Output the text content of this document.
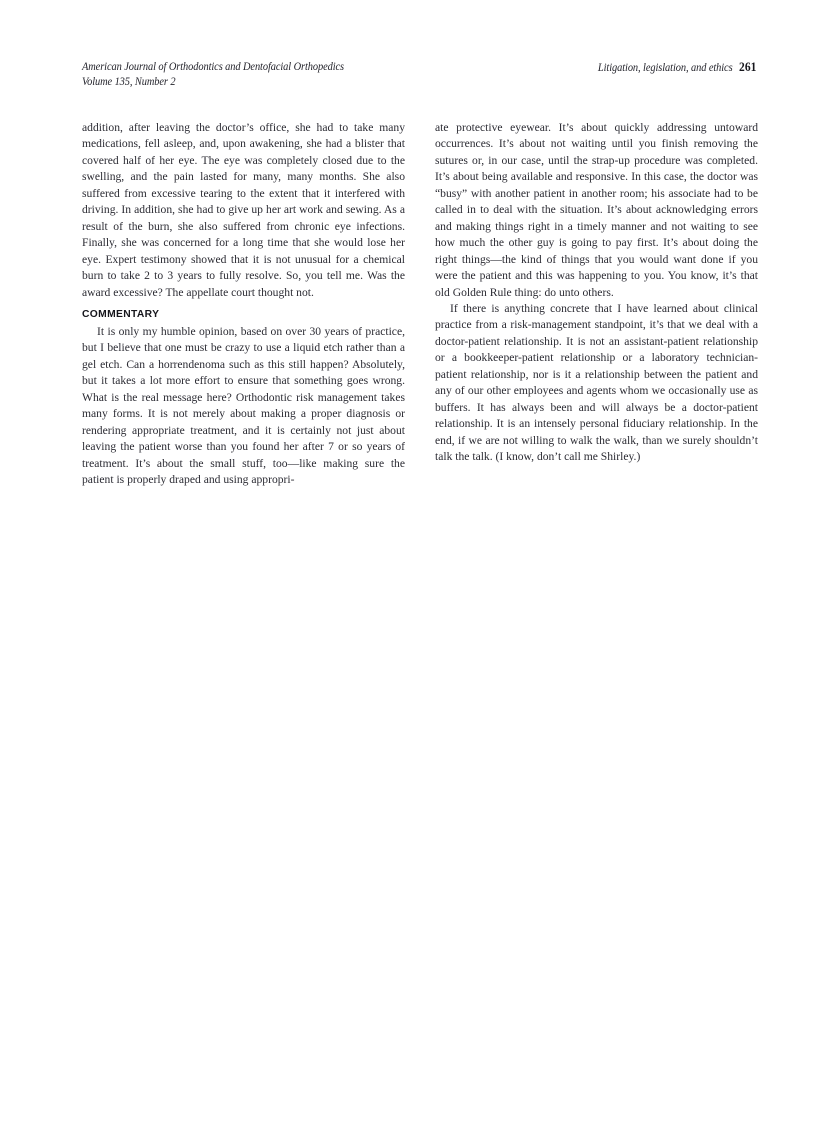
American Journal of Orthodontics and Dentofacial Orthopedics
Volume 135, Number 2
Litigation, legislation, and ethics 261

addition, after leaving the doctor’s office, she had to take many medications, fell asleep, and, upon awakening, she had a blister that covered half of her eye. The eye was completely closed due to the swelling, and the pain lasted for many, many months. She also suffered from excessive tearing to the extent that it interfered with driving. In addition, she had to give up her art work and sewing. As a result of the burn, she also suffered from chronic eye infections. Finally, she was concerned for a long time that she would lose her eye. Expert testimony showed that it is not unusual for a chemical burn to take 2 to 3 years to fully resolve. So, you tell me. Was the award excessive? The appellate court thought not.

COMMENTARY

It is only my humble opinion, based on over 30 years of practice, but I believe that one must be crazy to use a liquid etch rather than a gel etch. Can a horrendenoma such as this still happen? Absolutely, but it takes a lot more effort to ensure that something goes wrong. What is the real message here? Orthodontic risk management takes many forms. It is not merely about making a proper diagnosis or rendering appropriate treatment, and it is certainly not just about leaving the patient worse than you found her after 7 or so years of treatment. It’s about the small stuff, too—like making sure the patient is properly draped and using appropri-

ate protective eyewear. It’s about quickly addressing untoward occurrences. It’s about not waiting until you finish removing the sutures or, in our case, until the strap-up procedure was completed. It’s about being available and responsive. In this case, the doctor was “busy” with another patient in another room; his associate had to be called in to deal with the situation. It’s about acknowledging errors and making things right in a timely manner and not waiting to see how much the other guy is going to pay first. It’s about doing the right things—the kind of things that you would want done if you were the patient and this was happening to you. You know, it’s that old Golden Rule thing: do unto others.

If there is anything concrete that I have learned about clinical practice from a risk-management standpoint, it’s that we deal with a doctor-patient relationship. It is not an assistant-patient relationship or a bookkeeper-patient relationship or a laboratory technician-patient relationship, nor is it a relationship between the patient and any of our other employees and agents whom we occasionally use as buffers. It has always been and will always be a doctor-patient relationship. It is an intensely personal fiduciary relationship. In the end, if we are not willing to walk the walk, than we surely shouldn’t talk the talk. (I know, don’t call me Shirley.)
